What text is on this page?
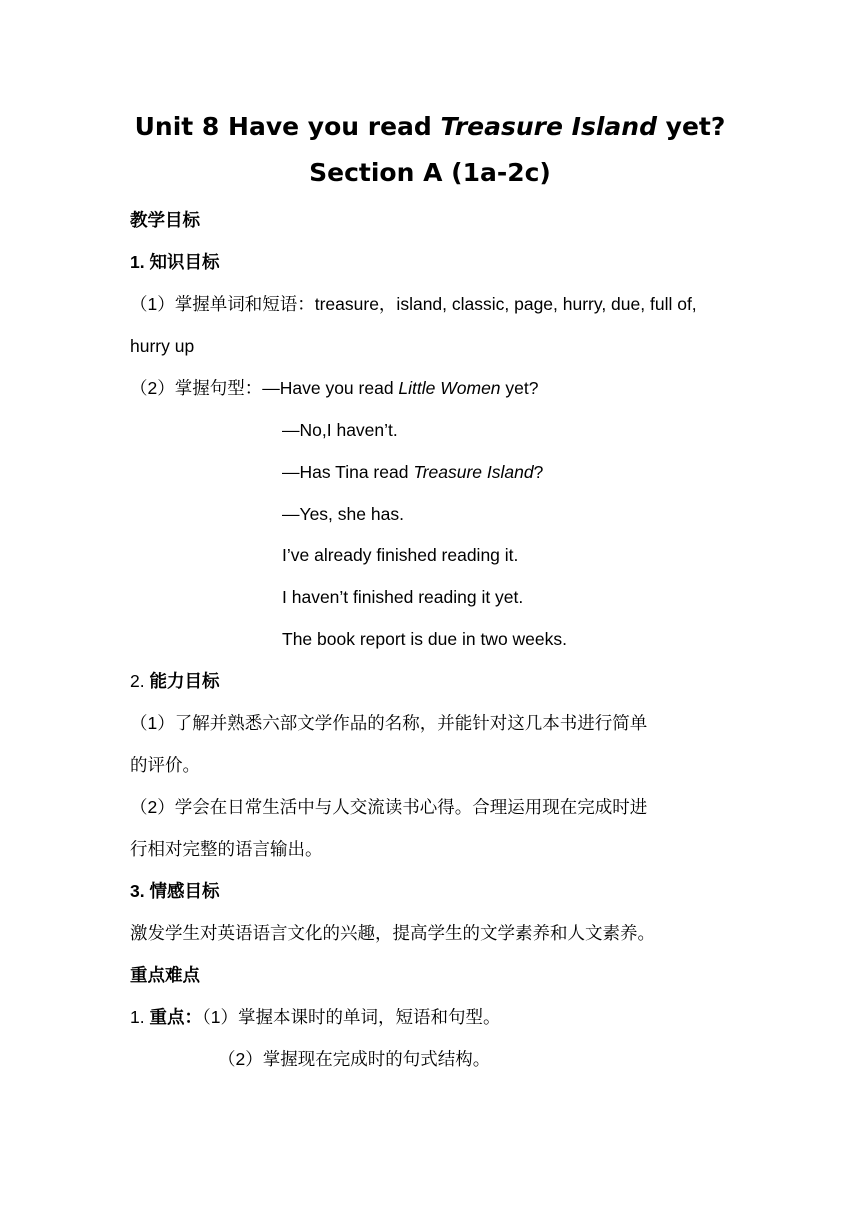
Unit 8 Have you read Treasure Island yet?
Section A (1a-2c)
教学目标
1. 知识目标
（1）掌握单词和短语：treasure，island, classic, page, hurry, due, full of,
hurry up
（2）掌握句型：—Have you read Little Women yet?
—No,I haven’t.
—Has Tina read Treasure Island?
—Yes, she has.
I’ve already finished reading it.
I haven’t finished reading it yet.
The book report is due in two weeks.
2. 能力目标
（1）了解并熟悉六部文学作品的名称，并能针对这几本书进行简单
的评价。
（2）学会在日常生活中与人交流读书心得。合理运用现在完成时进
行相对完整的语言输出。
3. 情感目标
激发学生对英语语言文化的兴趣，提高学生的文学素养和人文素养。
重点难点
1. 重点：（1）掌握本课时的单词，短语和句型。
（2）掌握现在完成时的句式结构。
